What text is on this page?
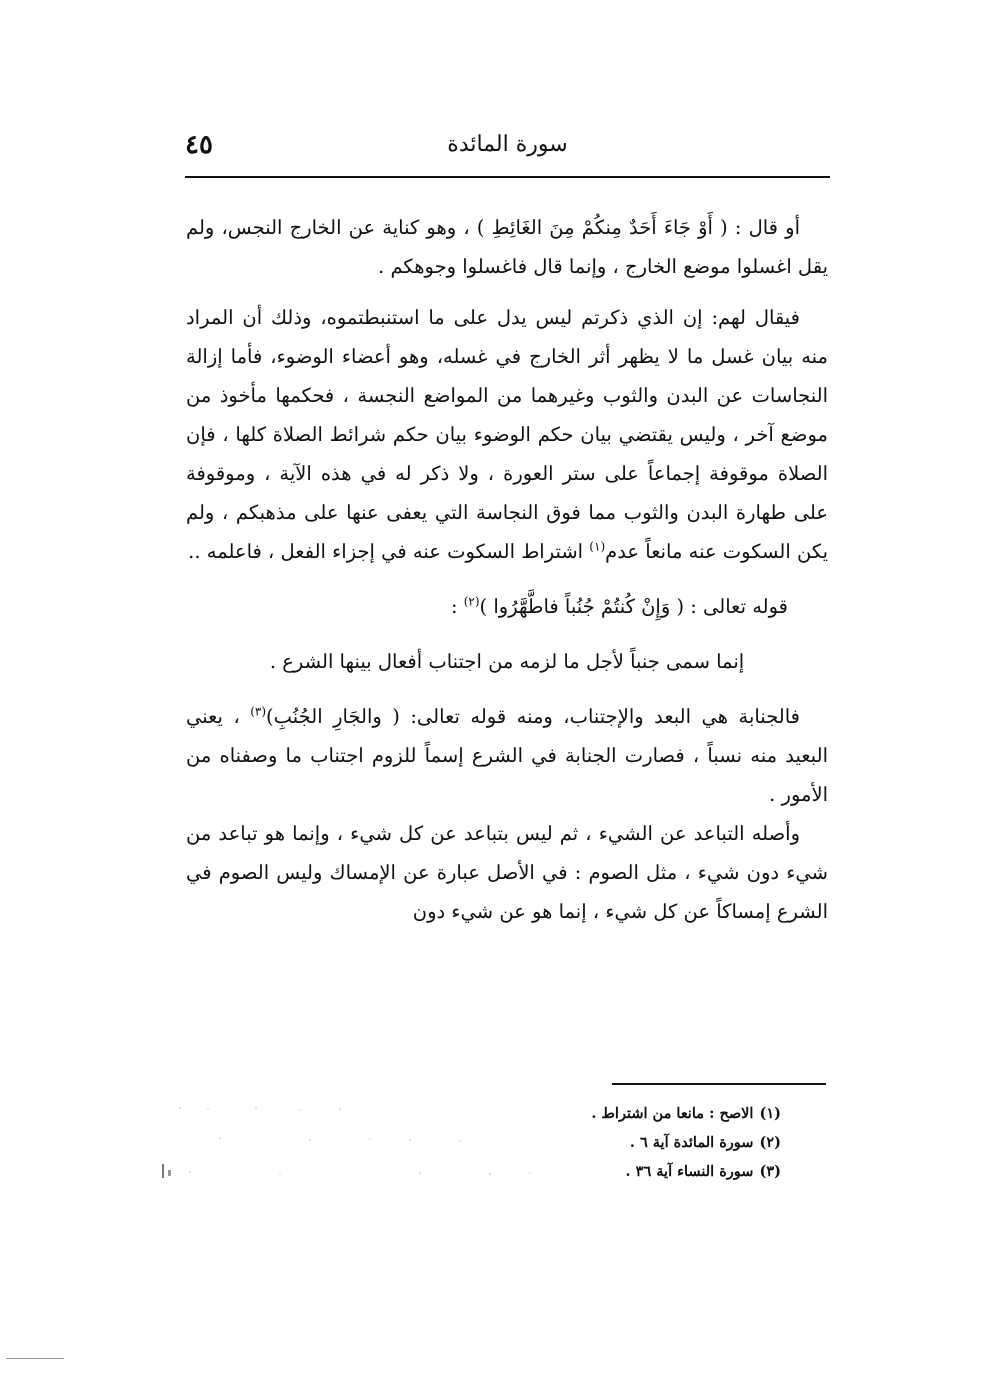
سورة المائدة
٤٥

أو قال : ( أَوْ جَاءَ أَحَدٌ مِنكُمْ مِنَ الغَائِطِ ) ، وهو كناية عن الخارج النجس، ولم يقل اغسلوا موضع الخارج ، وإنما قال فاغسلوا وجوهكم .

فيقال لهم: إن الذي ذكرتم ليس يدل على ما استنبطتموه، وذلك أن المراد منه بيان غسل ما لا يظهر أثر الخارج في غسله، وهو أعضاء الوضوء، فأما إزالة النجاسات عن البدن والثوب وغيرهما من المواضع النجسة ، فحكمها مأخوذ من موضع آخر ، وليس يقتضي بيان حكم الوضوء بيان حكم شرائط الصلاة كلها ، فإن الصلاة موقوفة إجماعاً على ستر العورة ، ولا ذكر له في هذه الآية ، وموقوفة على طهارة البدن والثوب مما فوق النجاسة التي يعفى عنها على مذهبكم ، ولم يكن السكوت عنه مانعاً عدم$^{(١)}$ اشتراط السكوت عنه في إجزاء الفعل ، فاعلمه ..

قوله تعالى : ( وَإِنْ كُنتُمْ جُنُباً فاطَّهَّرُوا )$^{(٢)}$ :

إنما سمى جنباً لأجل ما لزمه من اجتناب أفعال بينها الشرع .

فالجنابة هي البعد والإجتناب، ومنه قوله تعالى: ( والجَارِ الجُنُبِ)$^{(٣)}$ ، يعني البعيد منه نسباً ، فصارت الجنابة في الشرع إسماً للزوم اجتناب ما وصفناه من الأمور .

وأصله التباعد عن الشيء ، ثم ليس بتباعد عن كل شيء ، وإنما هو تباعد من شيء دون شيء ، مثل الصوم : في الأصل عبارة عن الإمساك وليس الصوم في الشرع إمساكاً عن كل شيء ، إنما هو عن شيء دون

(١)الاصح : مانعا من اشتراط .

(٢)سورة المائدة آية ٦ .

(٣)سورة النساء آية ٣٦ .
